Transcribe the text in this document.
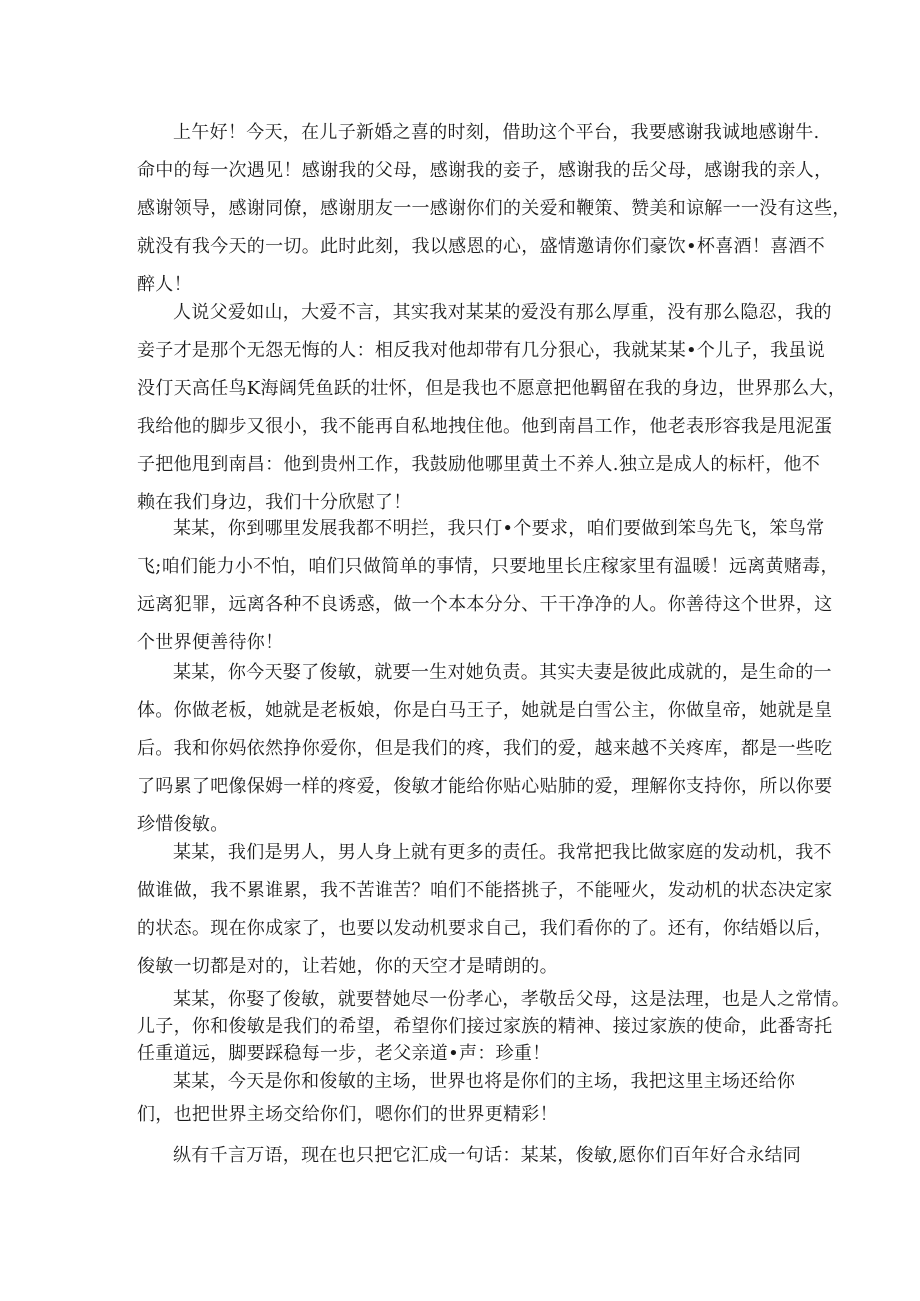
上午好！今天，在儿子新婚之喜的时刻，借助这个平台，我要感谢我诚地感谢牛.
命中的每一次遇见！感谢我的父母，感谢我的妾子，感谢我的岳父母，感谢我的亲人，
感谢领导，感谢同僚，感谢朋友一一感谢你们的关爱和鞭策、赞美和谅解一一没有这些，
就没有我今天的一切。此时此刻，我以感恩的心，盛情邀请你们豪饮•杯喜酒！喜酒不
醉人！
人说父爱如山，大爱不言，其实我对某某的爱没有那么厚重，没有那么隐忍，我的
妾子才是那个无怨无悔的人：相反我对他却带有几分狠心，我就某某•个儿子，我虽说
没仃天高任鸟K海阔凭鱼跃的壮怀，但是我也不愿意把他羁留在我的身边，世界那么大，
我给他的脚步又很小，我不能再自私地拽住他。他到南昌工作，他老表形容我是甩泥蛋
子把他甩到南昌：他到贵州工作，我鼓励他哪里黄土不养人.独立是成人的标杆，他不
赖在我们身边，我们十分欣慰了！
某某，你到哪里发展我都不明拦，我只仃•个要求，咱们要做到笨鸟先飞，笨鸟常
飞;咱们能力小不怕，咱们只做简单的事情，只要地里长庄稼家里有温暖！远离黄赌毒，
远离犯罪，远离各种不良诱惑，做一个本本分分、干干净净的人。你善待这个世界，这
个世界便善待你！
某某，你今天娶了俊敏，就要一生对她负责。其实夫妻是彼此成就的，是生命的一
体。你做老板，她就是老板娘，你是白马王子，她就是白雪公主，你做皇帝，她就是皇
后。我和你妈依然挣你爱你，但是我们的疼，我们的爱，越来越不关疼库，都是一些吃
了吗累了吧像保姆一样的疼爱，俊敏才能给你贴心贴肺的爱，理解你支持你，所以你要
珍惜俊敏。
某某，我们是男人，男人身上就有更多的责任。我常把我比做家庭的发动机，我不
做谁做，我不累谁累，我不苦谁苦？咱们不能搭挑子，不能哑火，发动机的状态决定家
的状态。现在你成家了，也要以发动机要求自己，我们看你的了。还有，你结婚以后，
俊敏一切都是对的，让若她，你的天空才是晴朗的。
某某，你娶了俊敏，就要替她尽一份孝心，孝敬岳父母，这是法理，也是人之常情。
儿子，你和俊敏是我们的希望，希望你们接过家族的精神、接过家族的使命，此番寄托
任重道远，脚要踩稳每一步，老父亲道•声：珍重！
某某，今天是你和俊敏的主场，世界也将是你们的主场，我把这里主场还给你
们，也把世界主场交给你们，嗯你们的世界更精彩！
纵有千言万语，现在也只把它汇成一句话：某某，俊敏,愿你们百年好合永结同
